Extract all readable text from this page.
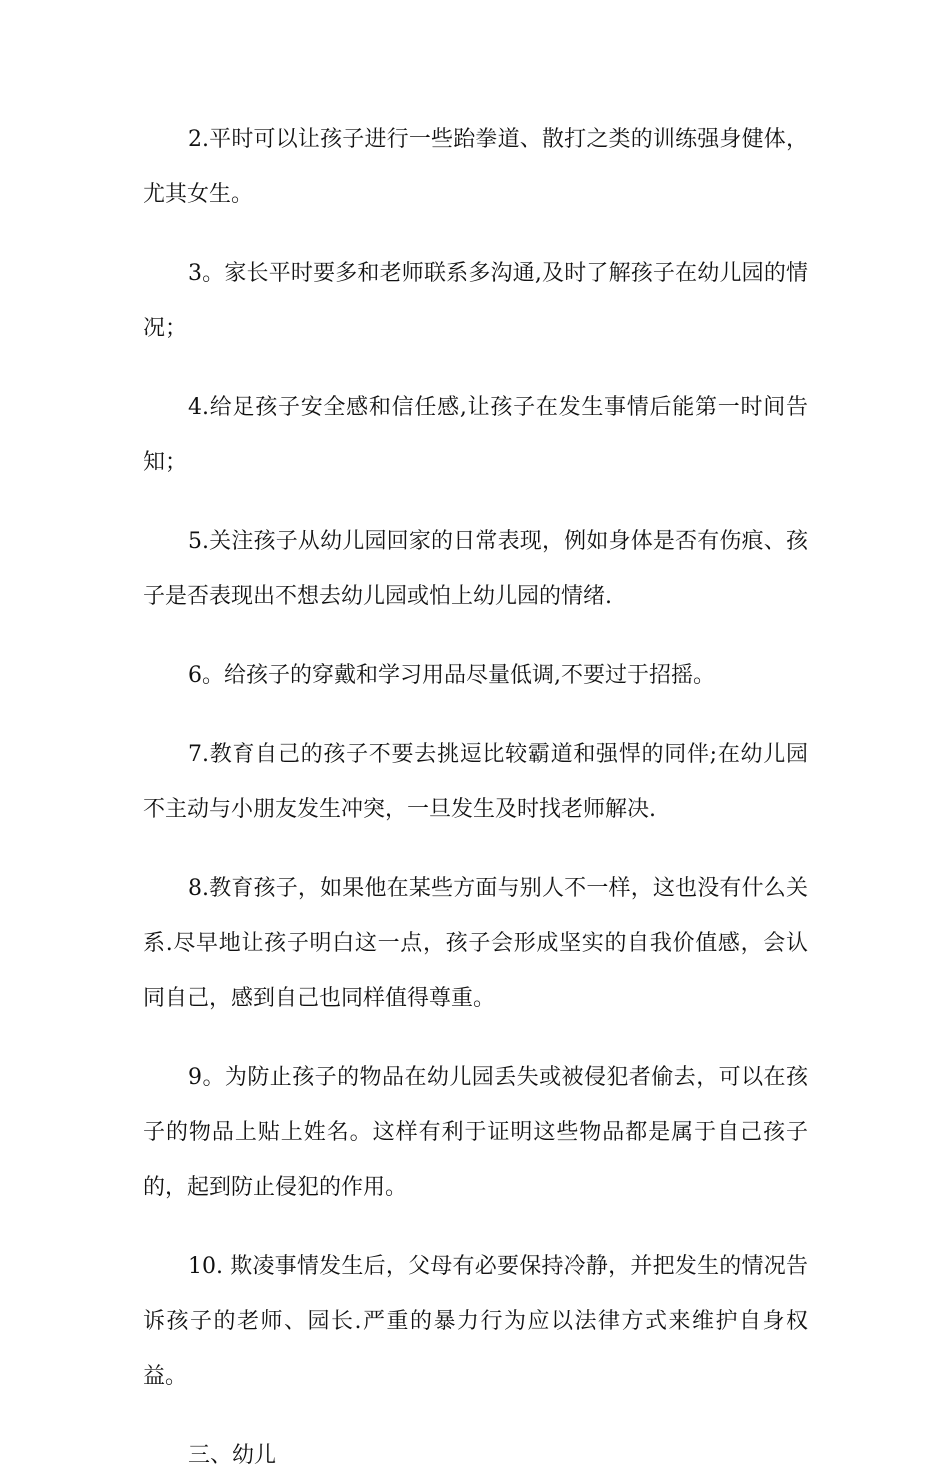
2.平时可以让孩子进行一些跆拳道、散打之类的训练强身健体，尤其女生。

3。家长平时要多和老师联系多沟通,及时了解孩子在幼儿园的情况；

4.给足孩子安全感和信任感,让孩子在发生事情后能第一时间告知；

5.关注孩子从幼儿园回家的日常表现，例如身体是否有伤痕、孩子是否表现出不想去幼儿园或怕上幼儿园的情绪.

6。给孩子的穿戴和学习用品尽量低调,不要过于招摇。

7.教育自己的孩子不要去挑逗比较霸道和强悍的同伴;在幼儿园不主动与小朋友发生冲突，一旦发生及时找老师解决.

8.教育孩子，如果他在某些方面与别人不一样，这也没有什么关系.尽早地让孩子明白这一点，孩子会形成坚实的自我价值感，会认同自己，感到自己也同样值得尊重。

9。为防止孩子的物品在幼儿园丢失或被侵犯者偷去，可以在孩子的物品上贴上姓名。这样有利于证明这些物品都是属于自己孩子的，起到防止侵犯的作用。

10. 欺凌事情发生后，父母有必要保持冷静，并把发生的情况告诉孩子的老师、园长.严重的暴力行为应以法律方式来维护自身权益。

三、幼儿
